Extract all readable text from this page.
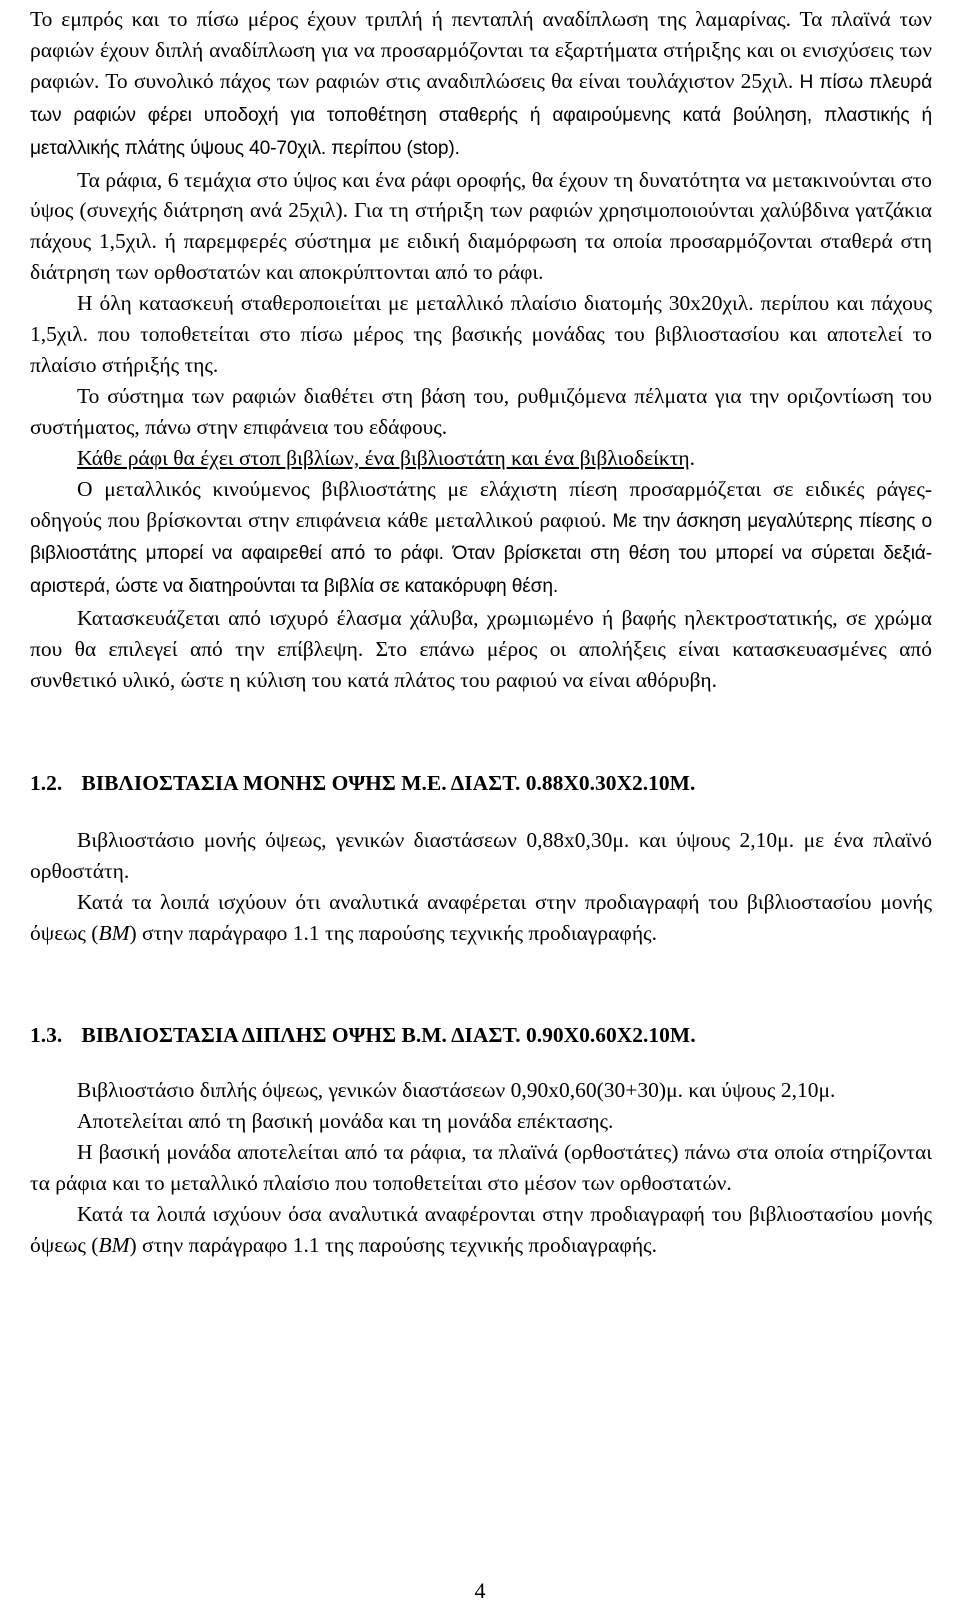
Το εμπρός και το πίσω μέρος έχουν τριπλή ή πενταπλή αναδίπλωση της λαμαρίνας. Τα πλαϊνά των ραφιών έχουν διπλή αναδίπλωση για να προσαρμόζονται τα εξαρτήματα στήριξης και οι ενισχύσεις των ραφιών. Το συνολικό πάχος των ραφιών στις αναδιπλώσεις θα είναι τουλάχιστον 25χιλ. Η πίσω πλευρά των ραφιών φέρει υποδοχή για τοποθέτηση σταθερής ή αφαιρούμενης κατά βούληση, πλαστικής ή μεταλλικής πλάτης ύψους 40-70χιλ. περίπου (stop).

Τα ράφια, 6 τεμάχια στο ύψος και ένα ράφι οροφής, θα έχουν τη δυνατότητα να μετακινούνται στο ύψος (συνεχής διάτρηση ανά 25χιλ). Για τη στήριξη των ραφιών χρησιμοποιούνται χαλύβδινα γατζάκια πάχους 1,5χιλ. ή παρεμφερές σύστημα με ειδική διαμόρφωση τα οποία προσαρμόζονται σταθερά στη διάτρηση των ορθοστατών και αποκρύπτονται από το ράφι.

Η όλη κατασκευή σταθεροποιείται με μεταλλικό πλαίσιο διατομής 30x20χιλ. περίπου και πάχους 1,5χιλ. που τοποθετείται στο πίσω μέρος της βασικής μονάδας του βιβλιοστασίου και αποτελεί το πλαίσιο στήριξής της.

Το σύστημα των ραφιών διαθέτει στη βάση του, ρυθμιζόμενα πέλματα για την οριζοντίωση του συστήματος, πάνω στην επιφάνεια του εδάφους.

Κάθε ράφι θα έχει στοπ βιβλίων, ένα βιβλιοστάτη και ένα βιβλιοδείκτη.

Ο μεταλλικός κινούμενος βιβλιοστάτης με ελάχιστη πίεση προσαρμόζεται σε ειδικές ράγες-οδηγούς που βρίσκονται στην επιφάνεια κάθε μεταλλικού ραφιού. Με την άσκηση μεγαλύτερης πίεσης ο βιβλιοστάτης μπορεί να αφαιρεθεί από το ράφι. Όταν βρίσκεται στη θέση του μπορεί να σύρεται δεξιά-αριστερά, ώστε να διατηρούνται τα βιβλία σε κατακόρυφη θέση.

Κατασκευάζεται από ισχυρό έλασμα χάλυβα, χρωμιωμένο ή βαφής ηλεκτροστατικής, σε χρώμα που θα επιλεγεί από την επίβλεψη. Στο επάνω μέρος οι απολήξεις είναι κατασκευασμένες από συνθετικό υλικό, ώστε η κύλιση του κατά πλάτος του ραφιού να είναι αθόρυβη.

1.2. ΒΙΒΛΙΟΣΤΑΣΙΑ ΜΟΝΗΣ ΟΨΗΣ Μ.Ε. ΔΙΑΣΤ. 0.88Χ0.30Χ2.10Μ.

Βιβλιοστάσιο μονής όψεως, γενικών διαστάσεων 0,88x0,30μ. και ύψους 2,10μ. με ένα πλαϊνό ορθοστάτη.

Κατά τα λοιπά ισχύουν ότι αναλυτικά αναφέρεται στην προδιαγραφή του βιβλιοστασίου μονής όψεως (ΒΜ) στην παράγραφο 1.1 της παρούσης τεχνικής προδιαγραφής.

1.3. ΒΙΒΛΙΟΣΤΑΣΙΑ ΔΙΠΛΗΣ ΟΨΗΣ Β.Μ. ΔΙΑΣΤ. 0.90Χ0.60Χ2.10Μ.

Βιβλιοστάσιο διπλής όψεως, γενικών διαστάσεων 0,90x0,60(30+30)μ. και ύψους 2,10μ.

Αποτελείται από τη βασική μονάδα και τη μονάδα επέκτασης.

Η βασική μονάδα αποτελείται από τα ράφια, τα πλαϊνά (ορθοστάτες) πάνω στα οποία στηρίζονται τα ράφια και το μεταλλικό πλαίσιο που τοποθετείται στο μέσον των ορθοστατών.

Κατά τα λοιπά ισχύουν όσα αναλυτικά αναφέρονται στην προδιαγραφή του βιβλιοστασίου μονής όψεως (ΒΜ) στην παράγραφο 1.1 της παρούσης τεχνικής προδιαγραφής.

4
